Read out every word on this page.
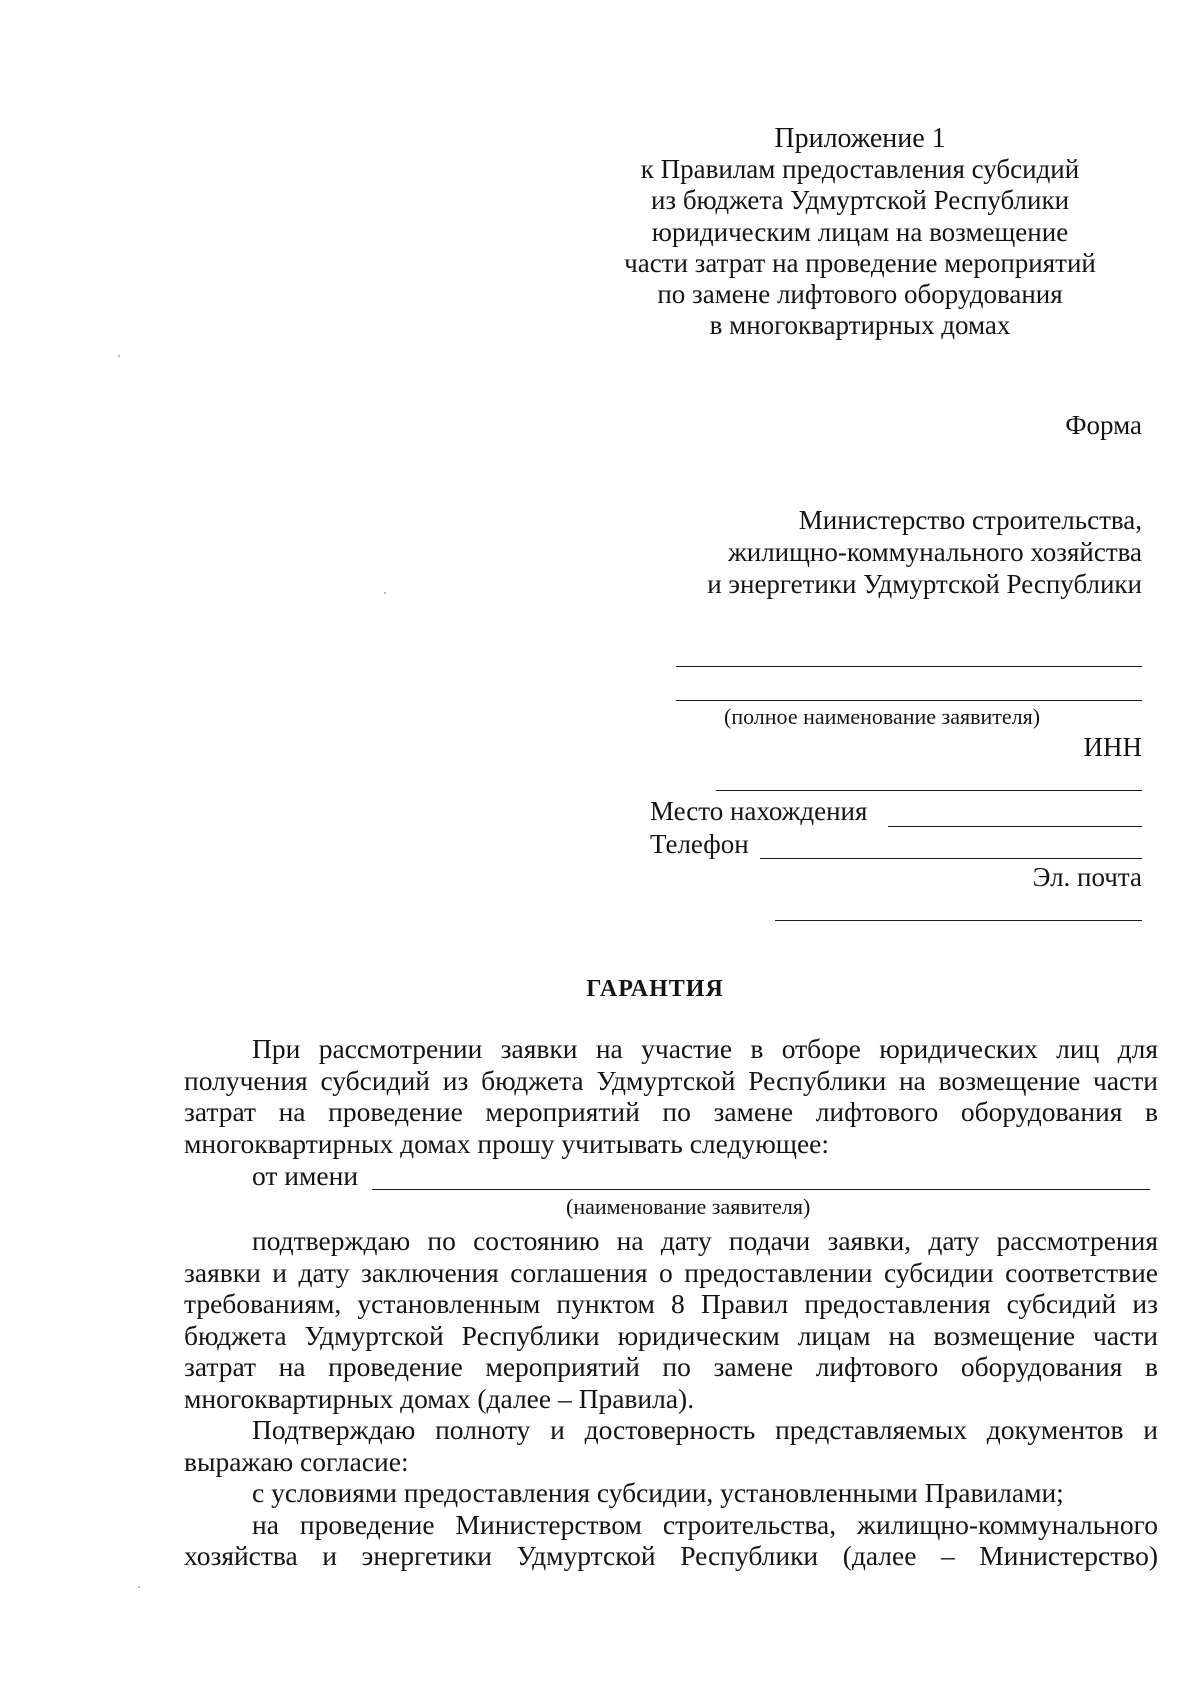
Приложение 1
к Правилам предоставления субсидий
из бюджета Удмуртской Республики
юридическим лицам на возмещение
части затрат на проведение мероприятий
по замене лифтового оборудования
в многоквартирных домах
Форма
Министерство строительства,
жилищно-коммунального хозяйства
и энергетики Удмуртской Республики
(полное наименование заявителя)
ИНН
Место нахождения
Телефон
Эл. почта
ГАРАНТИЯ

При рассмотрении заявки на участие в отборе юридических лиц для получения субсидий из бюджета Удмуртской Республики на возмещение части затрат на проведение мероприятий по замене лифтового оборудования в многоквартирных домах прошу учитывать следующее:

от имени
(наименование заявителя)

подтверждаю по состоянию на дату подачи заявки, дату рассмотрения заявки и дату заключения соглашения о предоставлении субсидии соответствие требованиям, установленным пунктом 8 Правил предоставления субсидий из бюджета Удмуртской Республики юридическим лицам на возмещение части затрат на проведение мероприятий по замене лифтового оборудования в многоквартирных домах (далее – Правила).

Подтверждаю полноту и достоверность представляемых документов и выражаю согласие:

с условиями предоставления субсидии, установленными Правилами;

на проведение Министерством строительства, жилищно-коммунального хозяйства и энергетики Удмуртской Республики (далее – Министерство)
